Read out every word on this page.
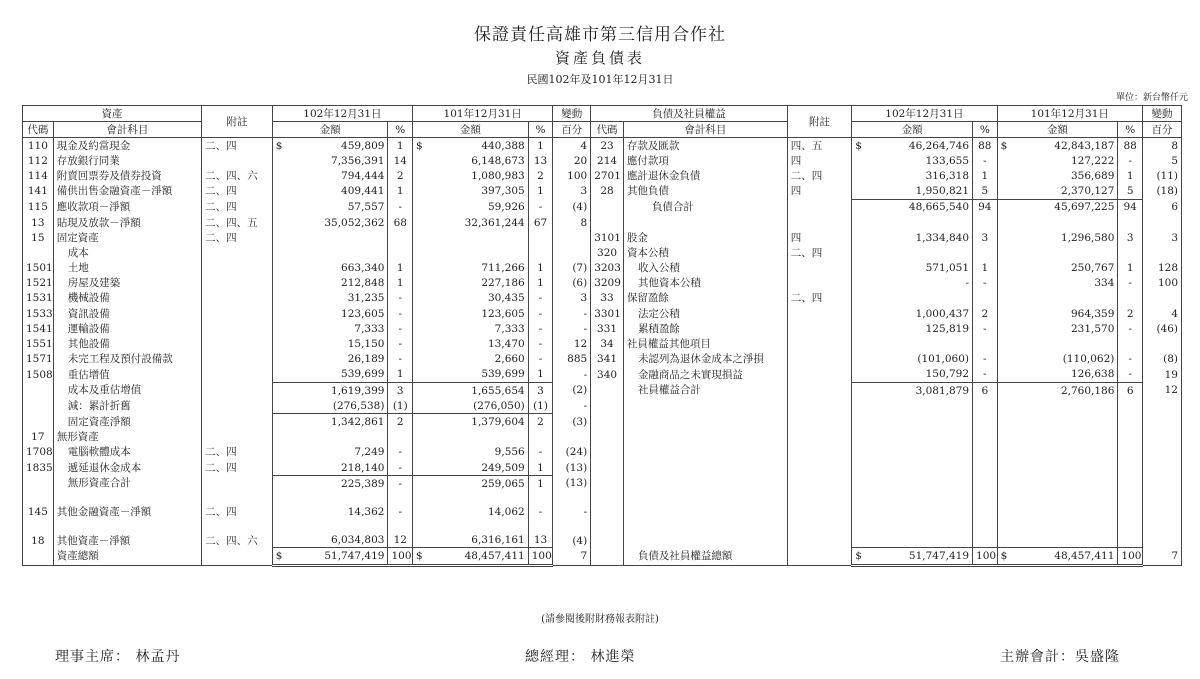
保證責任高雄市第三信用合作社
資產負債表
民國102年及101年12月31日
單位：新台幣仟元
資產		附註	102年12月31日		101年12月31日		變動	負債及社員權益		附註	102年12月31日		101年12月31日		變動
代碼	會計科目		金額	%	金額	%	百分	代碼	會計科目		金額	%	金額	%	百分
110	現金及約當現金	二、四	$ 459,809	1	$ 440,388	1	4	23	存款及匯款	四、五	$ 46,264,746	88	$ 42,843,187	88	8
112	存放銀行同業		7,356,391	14	6,148,673	13	20	214	應付款項	四	133,655	-	127,222	-	5
114	附賣回票券及債券投資	二、四、六	794,444	2	1,080,983	2	100	2701	應計退休金負債	二、四	316,318	1	356,689	1	(11)
141	備供出售金融資產－淨額	二、四	409,441	1	397,305	1	3	28	其他負債	四	1,950,821	5	2,370,127	5	(18)
115	應收款項－淨額	二、四	57,557	-	59,926	-	(4)		負債合計		48,665,540	94	45,697,225	94	6
13	貼現及放款－淨額	二、四、五	35,052,362	68	32,361,244	67	8								
15	固定資產	二、四						3101	股金	四	1,334,840	3	1,296,580	3	3
	成本							320	資本公積	二、四					
1501	土地		663,340	1	711,266	1	(7)	3203	收入公積		571,051	1	250,767	1	128
1521	房屋及建築		212,848	1	227,186	1	(6)	3209	其他資本公積		-	-	334	-	100
1531	機械設備		31,235	-	30,435	-	3	33	保留盈餘	二、四					
1533	資訊設備		123,605	-	123,605	-	-	3301	法定公積		1,000,437	2	964,359	2	4
1541	運輸設備		7,333	-	7,333	-	-	331	累積盈餘		125,819	-	231,570	-	(46)
1551	其他設備		15,150	-	13,470	-	12	34	社員權益其他項目						
1571	未完工程及預付設備款		26,189	-	2,660	-	885	341	未認列為退休金成本之淨損		(101,060)	-	(110,062)	-	(8)
1508	重估增值		539,699	1	539,699	1	-	340	金融商品之未實現損益		150,792	-	126,638	-	19
	成本及重估增值		1,619,399	3	1,655,654	3	(2)		社員權益合計		3,081,879	6	2,760,186	6	12
	減：累計折舊		(276,538)	(1)	(276,050)	(1)	-								
	固定資產淨額		1,342,861	2	1,379,604	2	(3)								
17	無形資產														
1708	電腦軟體成本	二、四	7,249	-	9,556	-	(24)								
1835	遞延退休金成本	二、四	218,140	-	249,509	1	(13)								
	無形資產合計		225,389	-	259,065	1	(13)								
145	其他金融資產－淨額	二、四	14,362	-	14,062	-	-								
18	其他資產－淨額	二、四、六	6,034,803	12	6,316,161	13	(4)								
	資產總額		$ 51,747,419	100	$ 48,457,411	100	7		負債及社員權益總額		$ 51,747,419	100	$ 48,457,411	100	7
(請參閱後附財務報表附註)
理事主席： 林孟丹	總經理： 林進榮	主辦會計：吳盛隆
